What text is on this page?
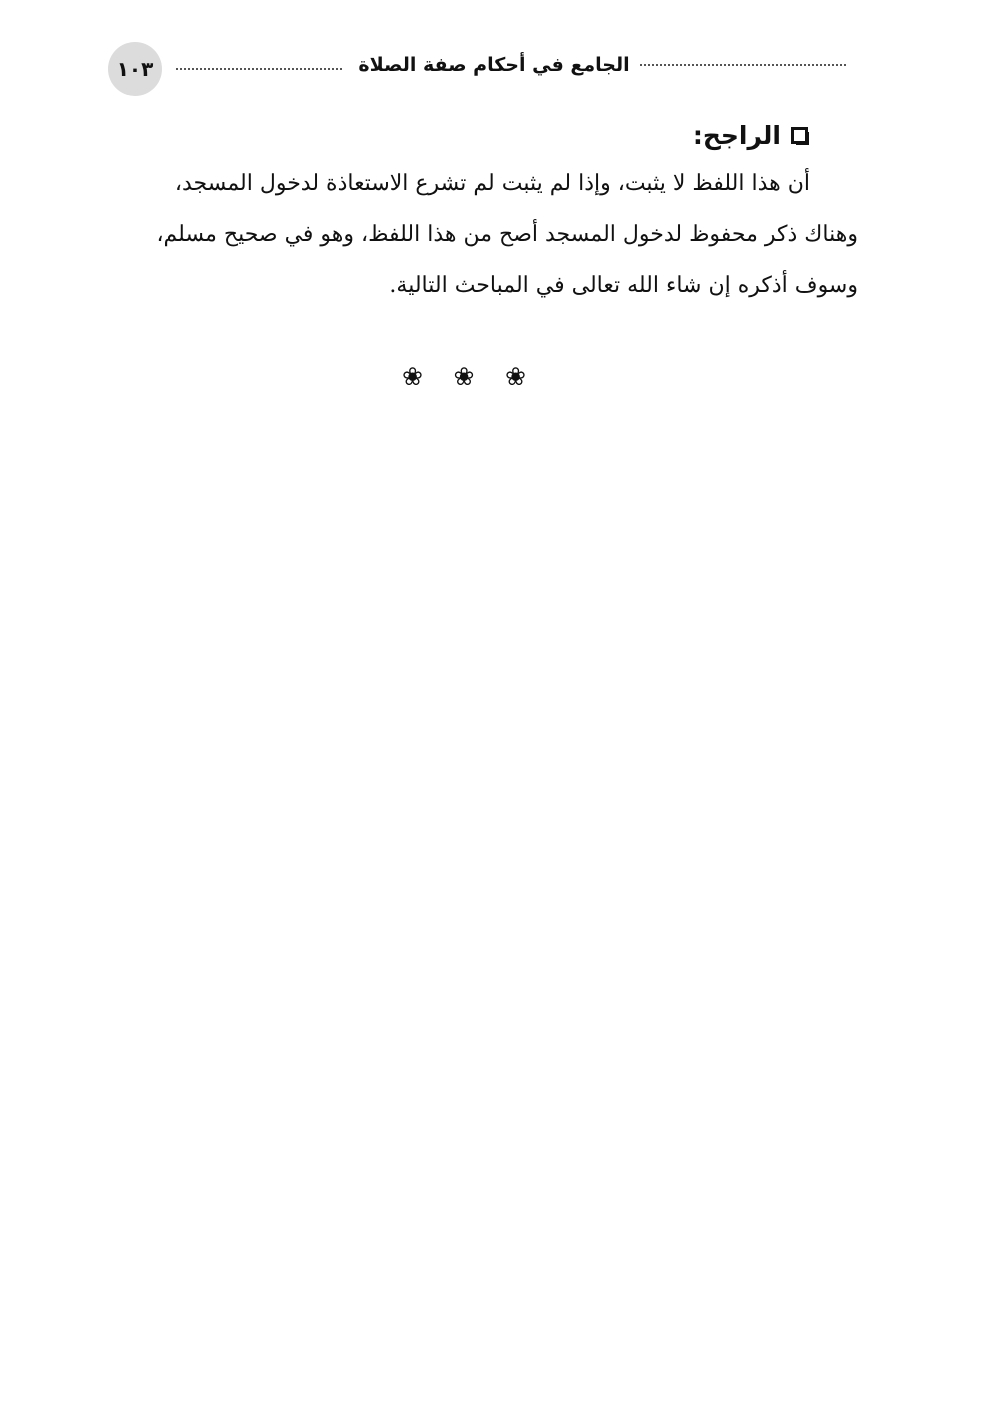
١٠٣	الجامع في أحكام صفة الصلاة
الراجح:
أن هذا اللفظ لا يثبت، وإذا لم يثبت لم تشرع الاستعاذة لدخول المسجد،
وهناك ذكر محفوظ لدخول المسجد أصح من هذا اللفظ، وهو في صحيح مسلم،
وسوف أذكره إن شاء الله تعالى في المباحث التالية.
❀ ❀ ❀
